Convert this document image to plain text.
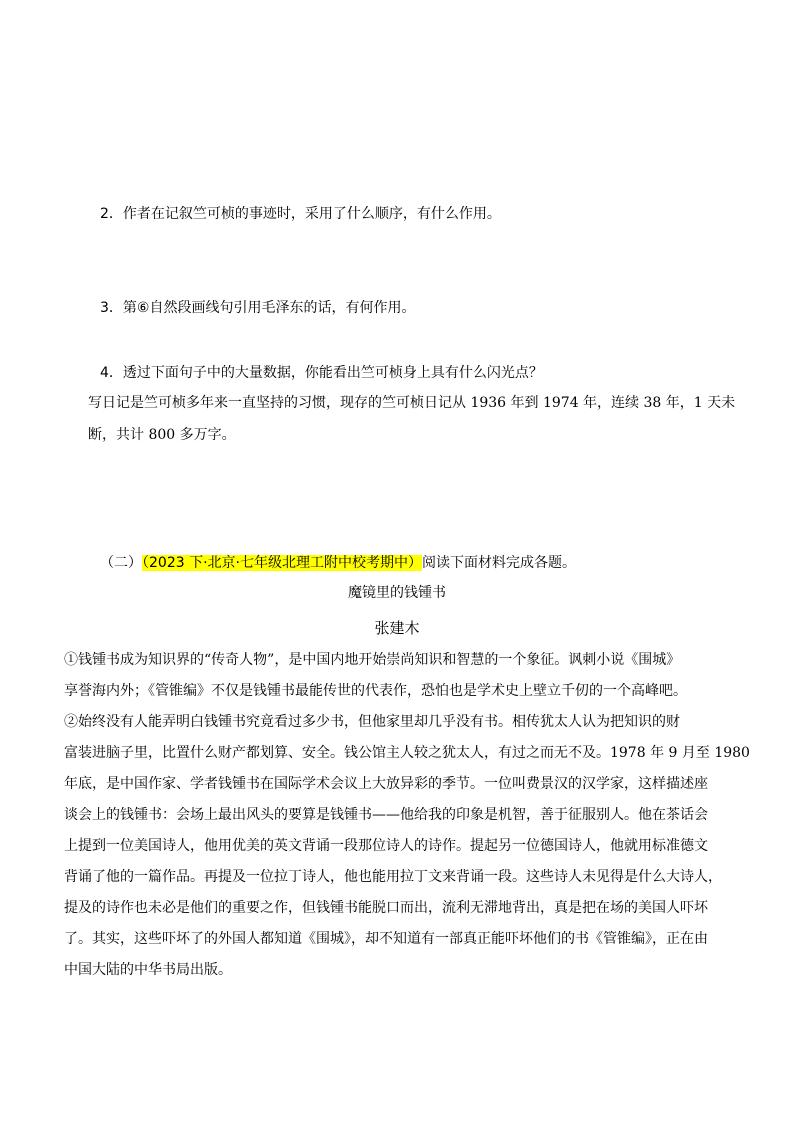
2．作者在记叙竺可桢的事迹时，采用了什么顺序，有什么作用。
3．第⑥自然段画线句引用毛泽东的话，有何作用。
4．透过下面句子中的大量数据，你能看出竺可桢身上具有什么闪光点？
写日记是竺可桢多年来一直坚持的习惯，现存的竺可桢日记从 1936 年到 1974 年，连续 38 年，1 天未
断，共计 800 多万字。
（二）（2023 下·北京·七年级北理工附中校考期中）阅读下面材料完成各题。
魔镜里的钱锺书
张建木
①钱锺书成为知识界的“传奇人物”，是中国内地开始崇尚知识和智慧的一个象征。讽刺小说《围城》
享誉海内外；《管锥编》不仅是钱锺书最能传世的代表作，恐怕也是学术史上壁立千仞的一个高峰吧。
②始终没有人能弄明白钱锺书究竟看过多少书，但他家里却几乎没有书。相传犹太人认为把知识的财
富装进脑子里，比置什么财产都划算、安全。钱公馆主人较之犹太人，有过之而无不及。1978 年 9 月至 1980
年底，是中国作家、学者钱锺书在国际学术会议上大放异彩的季节。一位叫费景汉的汉学家，这样描述座
谈会上的钱锺书：会场上最出风头的要算是钱锺书——他给我的印象是机智，善于征服别人。他在茶话会
上提到一位美国诗人，他用优美的英文背诵一段那位诗人的诗作。提起另一位德国诗人，他就用标准德文
背诵了他的一篇作品。再提及一位拉丁诗人，他也能用拉丁文来背诵一段。这些诗人未见得是什么大诗人，
提及的诗作也未必是他们的重要之作，但钱锺书能脱口而出，流利无滞地背出，真是把在场的美国人吓坏
了。其实，这些吓坏了的外国人都知道《围城》，却不知道有一部真正能吓坏他们的书《管锥编》，正在由
中国大陆的中华书局出版。
